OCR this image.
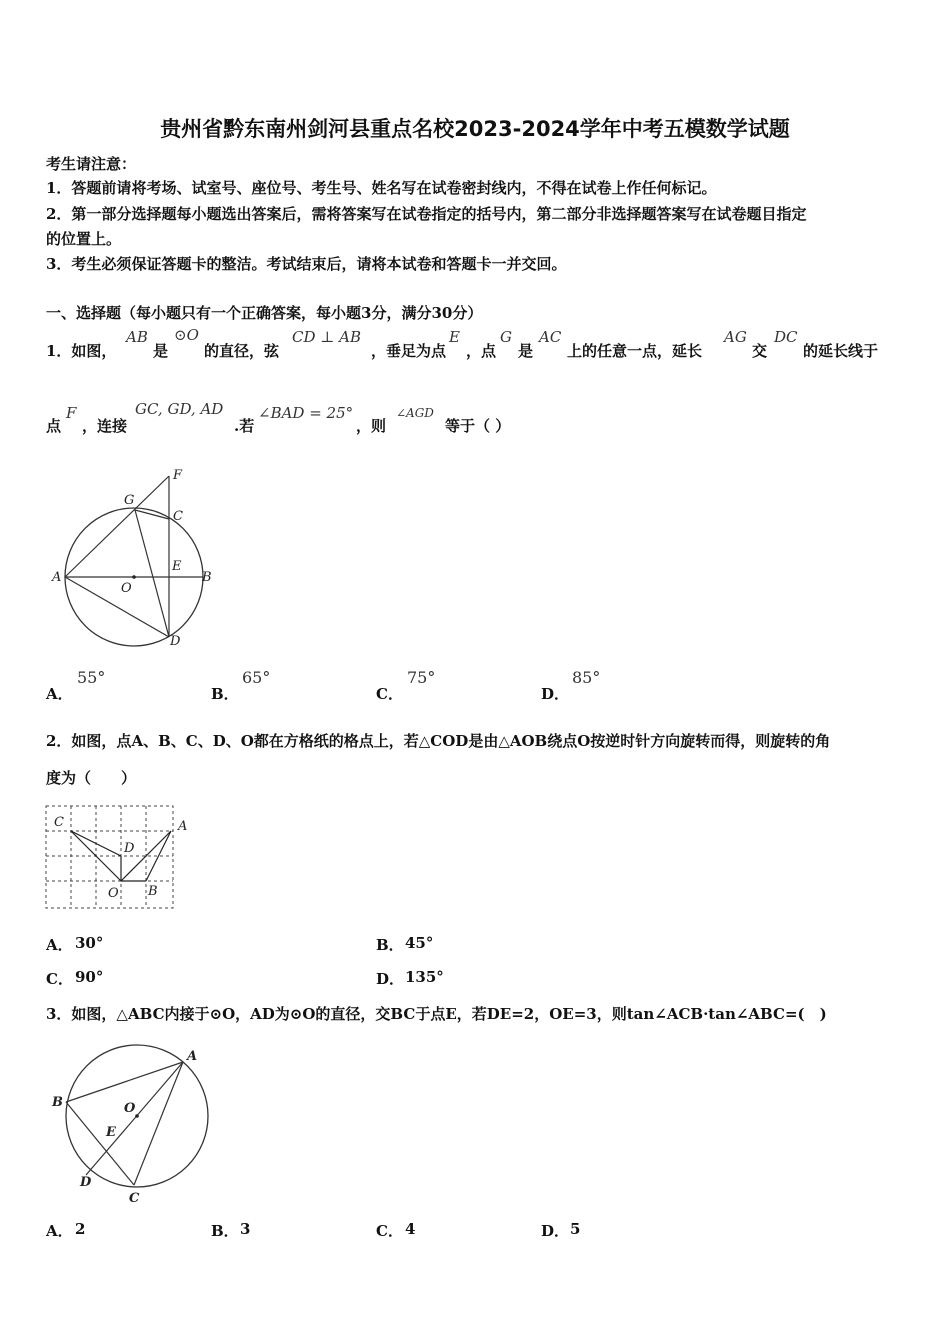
贵州省黔东南州剑河县重点名校2023-2024学年中考五模数学试题
考生请注意：
1．答题前请将考场、试室号、座位号、考生号、姓名写在试卷密封线内，不得在试卷上作任何标记。
2．第一部分选择题每小题选出答案后，需将答案写在试卷指定的括号内，第二部分非选择题答案写在试卷题目指定
的位置上。
3．考生必须保证答题卡的整洁。考试结束后，请将本试卷和答题卡一并交回。
一、选择题（每小题只有一个正确答案，每小题3分，满分30分）
1．如图，
AB
是
⊙O
的直径，弦
CD ⊥ AB
，垂足为点
E
，点
G
是
AC
上的任意一点，延长
AG
交
DC
的延长线于
点
F
，连接
GC, GD, AD
.若
∠BAD = 25°
，则
∠AGD
等于（ ）
F
G
C
A
O
E
B
D
A．
55°
B．
65°
C．
75°
D．
85°
2．如图，点A、B、C、D、O都在方格纸的格点上，若△COD是由△AOB绕点O按逆时针方向旋转而得，则旋转的角
度为（　　）
C	A
D
O B
A． 30°	B． 45°
C． 90°	D． 135°
3．如图，△ABC内接于⊙O，AD为⊙O的直径，交BC于点E，若DE=2，OE=3，则tan∠ACB·tan∠ABC=(　)
A
B	O
E
D
C
A． 2	B． 3	C． 4	D． 5
